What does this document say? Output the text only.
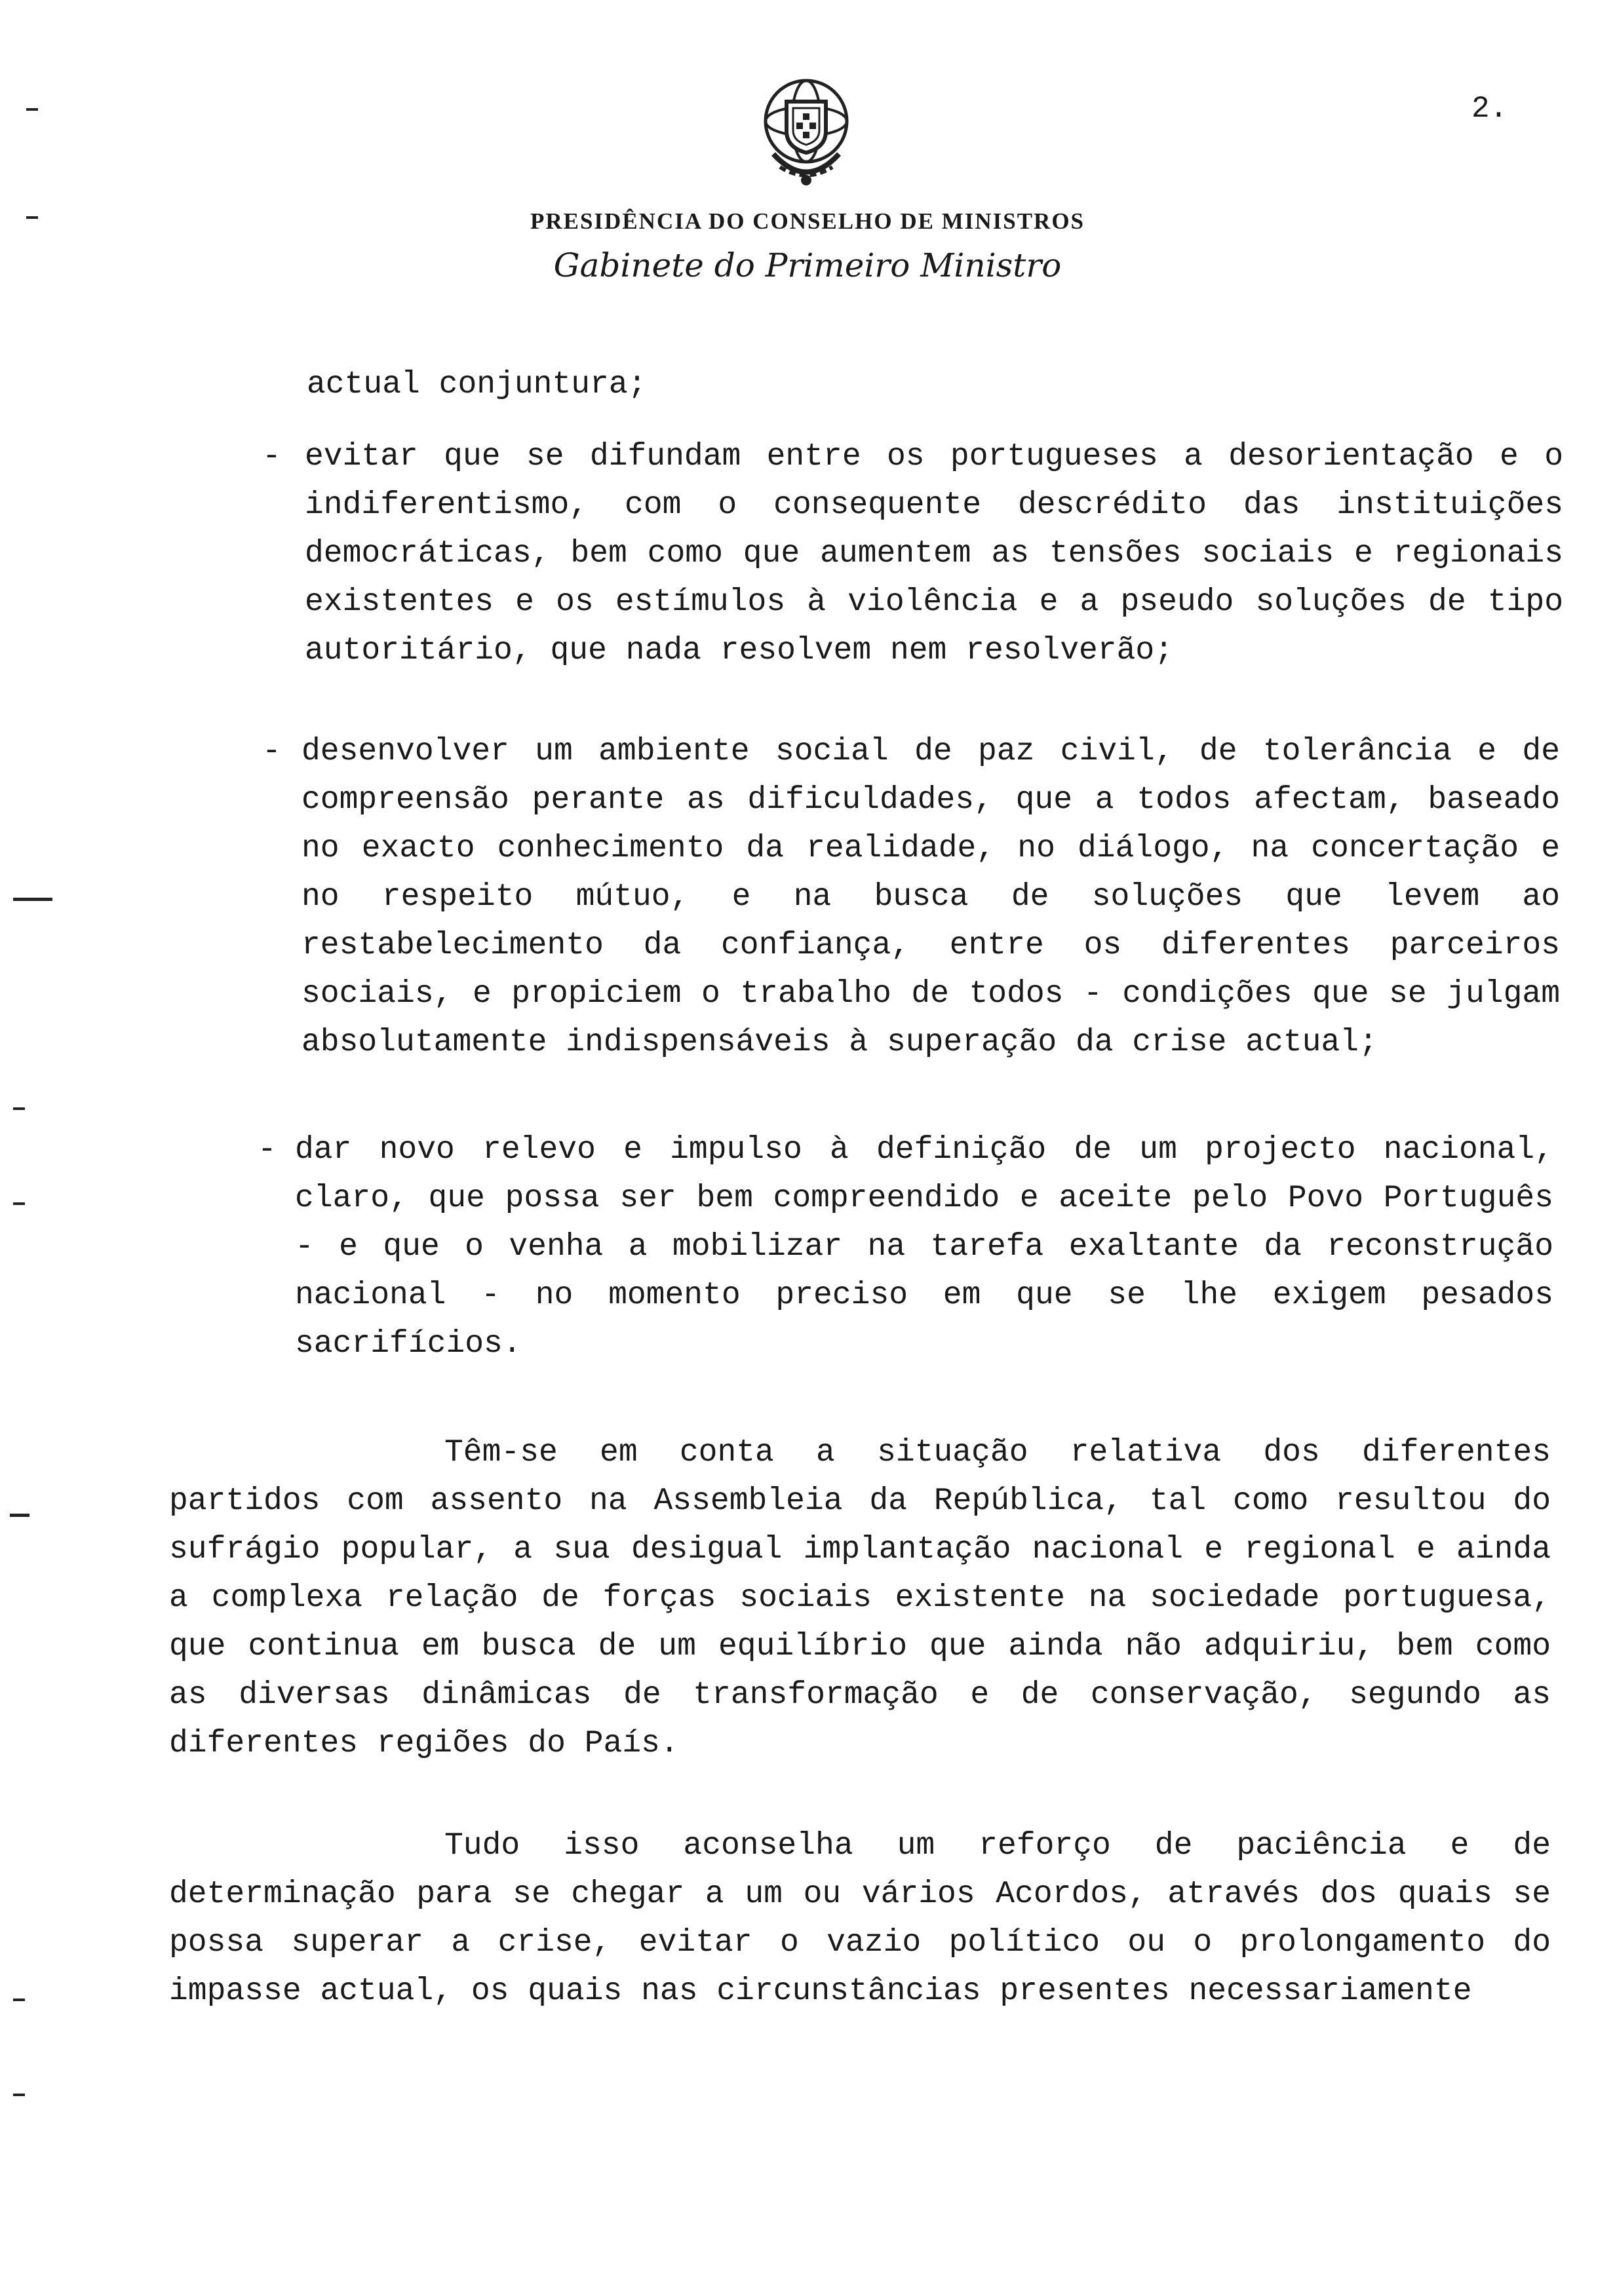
2.
PRESIDÊNCIA DO CONSELHO DE MINISTROS
Gabinete do Primeiro Ministro
actual conjuntura;
- evitar que se difundam entre os portugueses a desorientação e o indiferentismo, com o consequente descrédito das instituições democráticas, bem como que aumentem as tensões sociais e regionais existentes e os estímulos à violência e a pseudo soluções de tipo autoritário, que nada resolvem nem resolverão;
- desenvolver um ambiente social de paz civil, de tolerância e de compreensão perante as dificuldades, que a todos afectam, baseado no exacto conhecimento da realidade, no diálogo, na concertação e no respeito mútuo, e na busca de soluções que levem ao restabelecimento da confiança, entre os diferentes parceiros sociais, e propiciem o trabalho de todos - condições que se julgam absolutamente indispensáveis à superação da crise actual;
- dar novo relevo e impulso à definição de um projecto nacional, claro, que possa ser bem compreendido e aceite pelo Povo Português - e que o venha a mobilizar na tarefa exaltante da reconstrução nacional - no momento preciso em que se lhe exigem pesados sacrifícios.
Têm-se em conta a situação relativa dos diferentes partidos com assento na Assembleia da República, tal como resultou do sufrágio popular, a sua desigual implantação nacional e regional e ainda a complexa relação de forças sociais existente na sociedade portuguesa, que continua em busca de um equilíbrio que ainda não adquiriu, bem como as diversas dinâmicas de transformação e de conservação, segundo as diferentes regiões do País.
Tudo isso aconselha um reforço de paciência e de determinação para se chegar a um ou vários Acordos, através dos quais se possa superar a crise, evitar o vazio político ou o prolongamento do impasse actual, os quais nas circunstâncias presentes necessariamente
